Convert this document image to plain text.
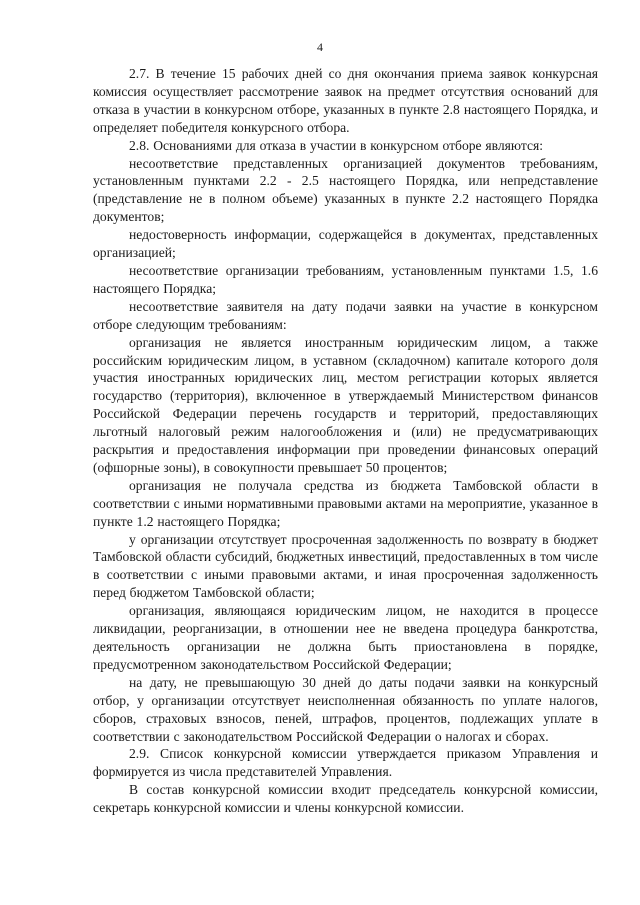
4

2.7. В течение 15 рабочих дней со дня окончания приема заявок конкурсная комиссия осуществляет рассмотрение заявок на предмет отсутствия оснований для отказа в участии в конкурсном отборе, указанных в пункте 2.8 настоящего Порядка, и определяет победителя конкурсного отбора.

2.8. Основаниями для отказа в участии в конкурсном отборе являются:

несоответствие представленных организацией документов требованиям, установленным пунктами 2.2 - 2.5 настоящего Порядка, или непредставление (представление не в полном объеме) указанных в пункте 2.2 настоящего Порядка документов;

недостоверность информации, содержащейся в документах, представленных организацией;

несоответствие организации требованиям, установленным пунктами 1.5, 1.6 настоящего Порядка;

несоответствие заявителя на дату подачи заявки на участие в конкурсном отборе следующим требованиям:

организация не является иностранным юридическим лицом, а также российским юридическим лицом, в уставном (складочном) капитале которого доля участия иностранных юридических лиц, местом регистрации которых является государство (территория), включенное в утверждаемый Министерством финансов Российской Федерации перечень государств и территорий, предоставляющих льготный налоговый режим налогообложения и (или) не предусматривающих раскрытия и предоставления информации при проведении финансовых операций (офшорные зоны), в совокупности превышает 50 процентов;

организация не получала средства из бюджета Тамбовской области в соответствии с иными нормативными правовыми актами на мероприятие, указанное в пункте 1.2 настоящего Порядка;

у организации отсутствует просроченная задолженность по возврату в бюджет Тамбовской области субсидий, бюджетных инвестиций, предоставленных в том числе в соответствии с иными правовыми актами, и иная просроченная задолженность перед бюджетом Тамбовской области;

организация, являющаяся юридическим лицом, не находится в процессе ликвидации, реорганизации, в отношении нее не введена процедура банкротства, деятельность организации не должна быть приостановлена в порядке, предусмотренном законодательством Российской Федерации;

на дату, не превышающую 30 дней до даты подачи заявки на конкурсный отбор, у организации отсутствует неисполненная обязанность по уплате налогов, сборов, страховых взносов, пеней, штрафов, процентов, подлежащих уплате в соответствии с законодательством Российской Федерации о налогах и сборах.

2.9. Список конкурсной комиссии утверждается приказом Управления и формируется из числа представителей Управления.

В состав конкурсной комиссии входит председатель конкурсной комиссии, секретарь конкурсной комиссии и члены конкурсной комиссии.
